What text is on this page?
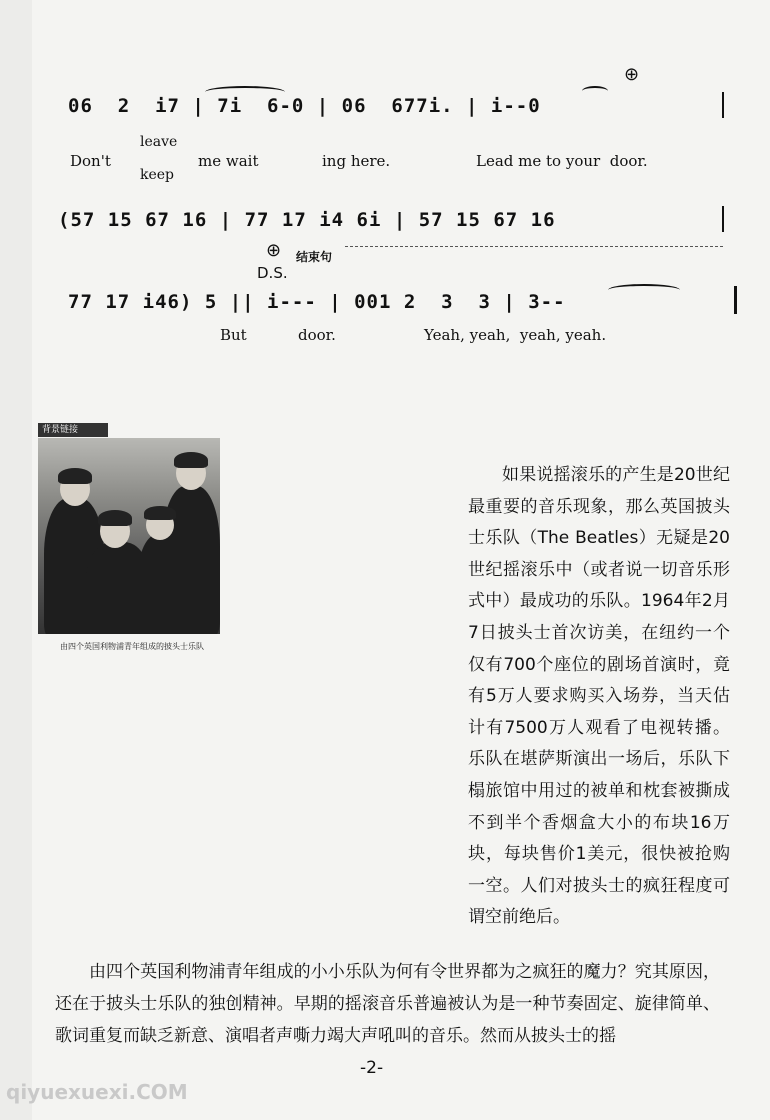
⊕
06  2  i7 | 7i  6-0 | 06  677i. | i--0
Don't
leave
keep
me wait	ing here.	Lead me to your  door.
(57 15 67 16 | 77 17 i4 6i | 57 15 67 16
⊕ 结束句
D.S.
77 17 i46) 5 || i--- | 001 2  3  3 | 3--
But	door.	Yeah, yeah,  yeah, yeah.
背景链接
由四个英国利物浦青年组成的披头士乐队

如果说摇滚乐的产生是20世纪最重要的音乐现象，那么英国披头士乐队（The Beatles）无疑是20世纪摇滚乐中（或者说一切音乐形式中）最成功的乐队。1964年2月7日披头士首次访美，在纽约一个仅有700个座位的剧场首演时，竟有5万人要求购买入场券，当天估计有7500万人观看了电视转播。乐队在堪萨斯演出一场后，乐队下榻旅馆中用过的被单和枕套被撕成不到半个香烟盒大小的布块16万块，每块售价1美元，很快被抢购一空。人们对披头士的疯狂程度可谓空前绝后。

由四个英国利物浦青年组成的小小乐队为何有令世界都为之疯狂的魔力？究其原因，还在于披头士乐队的独创精神。早期的摇滚音乐普遍被认为是一种节奏固定、旋律简单、歌词重复而缺乏新意、演唱者声嘶力竭大声吼叫的音乐。然而从披头士的摇

-2-
qiyuexuexi.COM
